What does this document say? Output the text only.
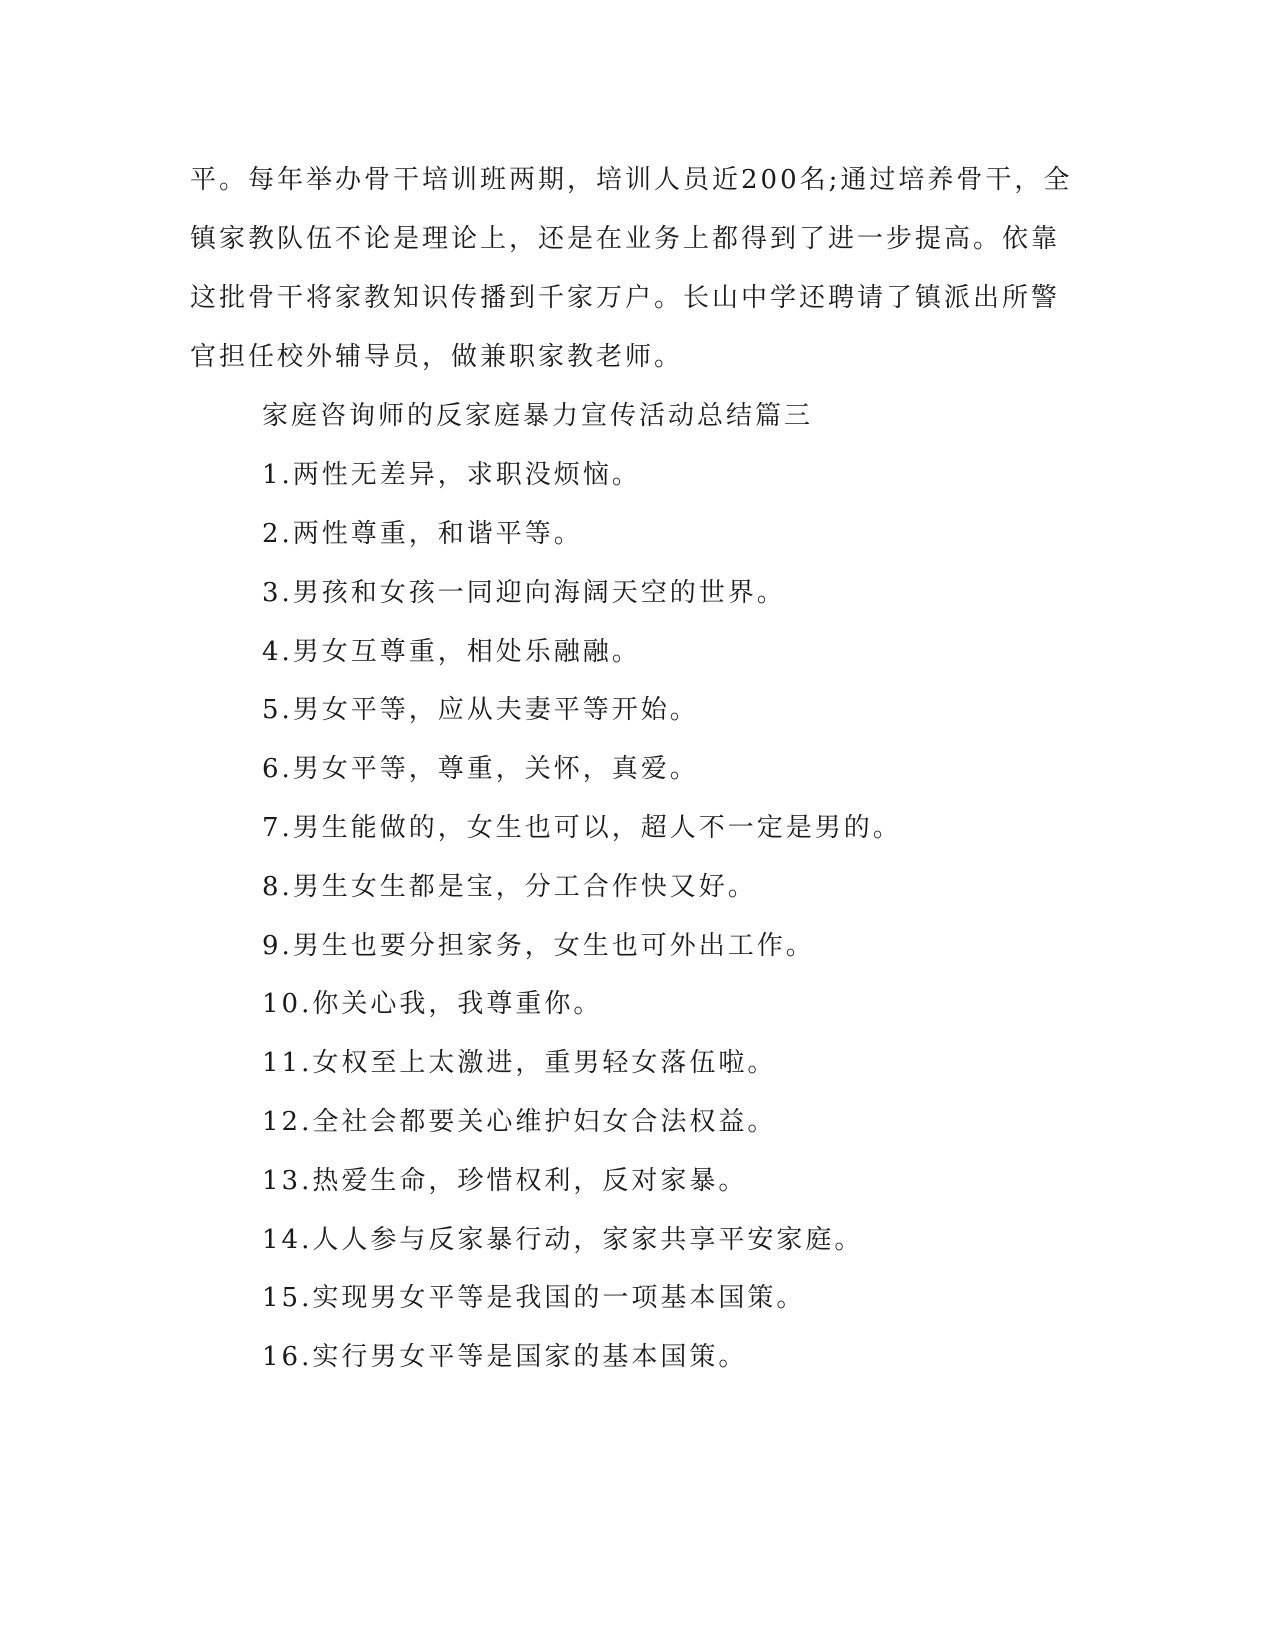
平。每年举办骨干培训班两期，培训人员近200名;通过培养骨干，全
镇家教队伍不论是理论上，还是在业务上都得到了进一步提高。依靠
这批骨干将家教知识传播到千家万户。长山中学还聘请了镇派出所警
官担任校外辅导员，做兼职家教老师。
家庭咨询师的反家庭暴力宣传活动总结篇三
1.两性无差异，求职没烦恼。
2.两性尊重，和谐平等。
3.男孩和女孩一同迎向海阔天空的世界。
4.男女互尊重，相处乐融融。
5.男女平等，应从夫妻平等开始。
6.男女平等，尊重，关怀，真爱。
7.男生能做的，女生也可以，超人不一定是男的。
8.男生女生都是宝，分工合作快又好。
9.男生也要分担家务，女生也可外出工作。
10.你关心我，我尊重你。
11.女权至上太激进，重男轻女落伍啦。
12.全社会都要关心维护妇女合法权益。
13.热爱生命，珍惜权利，反对家暴。
14.人人参与反家暴行动，家家共享平安家庭。
15.实现男女平等是我国的一项基本国策。
16.实行男女平等是国家的基本国策。
